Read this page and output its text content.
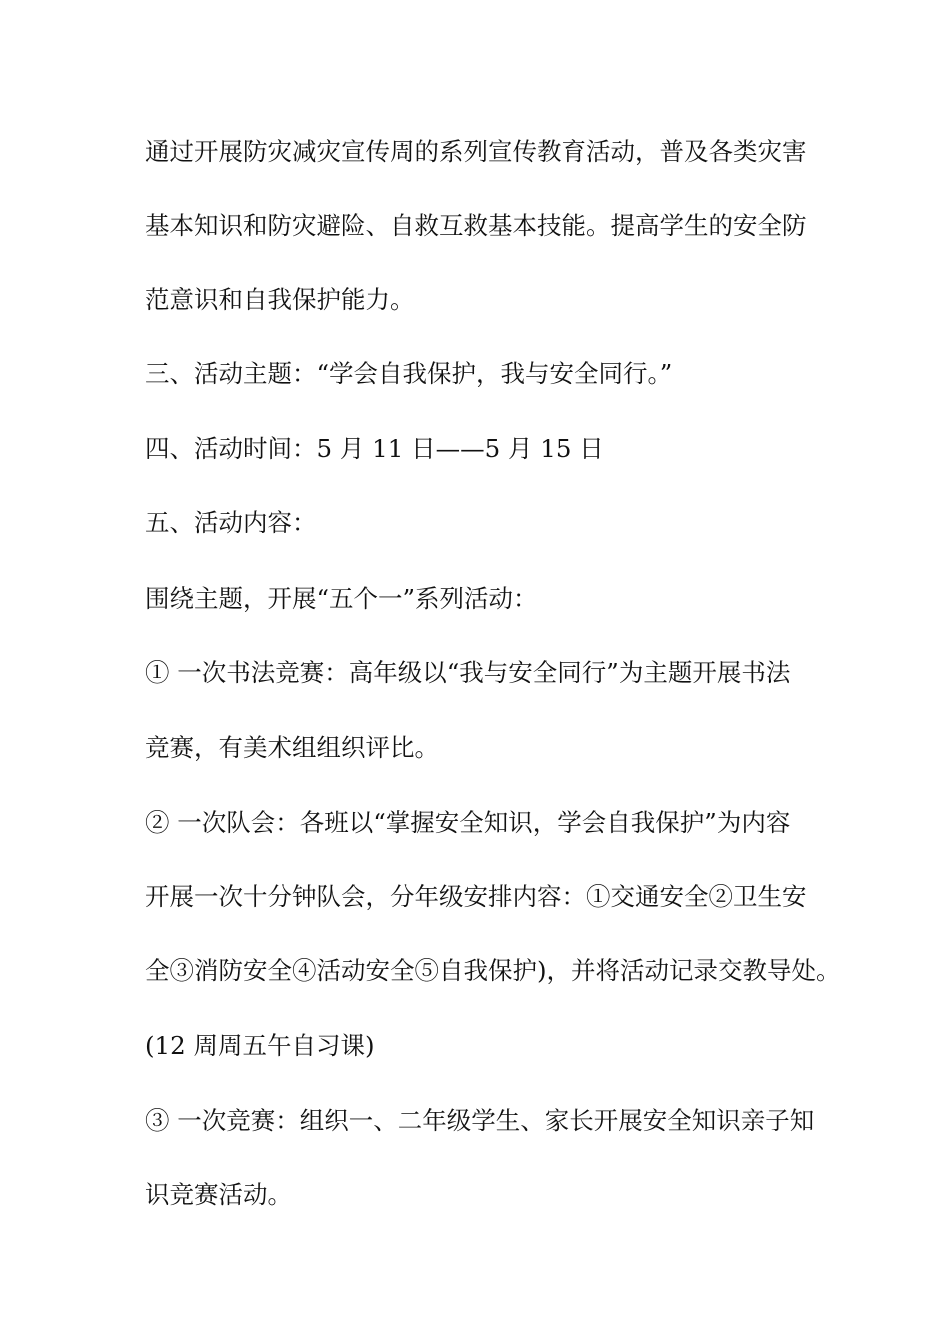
通过开展防灾减灾宣传周的系列宣传教育活动，普及各类灾害
基本知识和防灾避险、自救互救基本技能。提高学生的安全防
范意识和自我保护能力。
三、活动主题：“学会自我保护，我与安全同行。”
四、活动时间：5 月 11 日——5 月 15 日
五、活动内容：
围绕主题，开展“五个一”系列活动：
① 一次书法竞赛：高年级以“我与安全同行”为主题开展书法
竞赛，有美术组组织评比。
② 一次队会：各班以“掌握安全知识，学会自我保护”为内容
开展一次十分钟队会，分年级安排内容：①交通安全②卫生安
全③消防安全④活动安全⑤自我保护)，并将活动记录交教导处。
(12 周周五午自习课)
③ 一次竞赛：组织一、二年级学生、家长开展安全知识亲子知
识竞赛活动。
